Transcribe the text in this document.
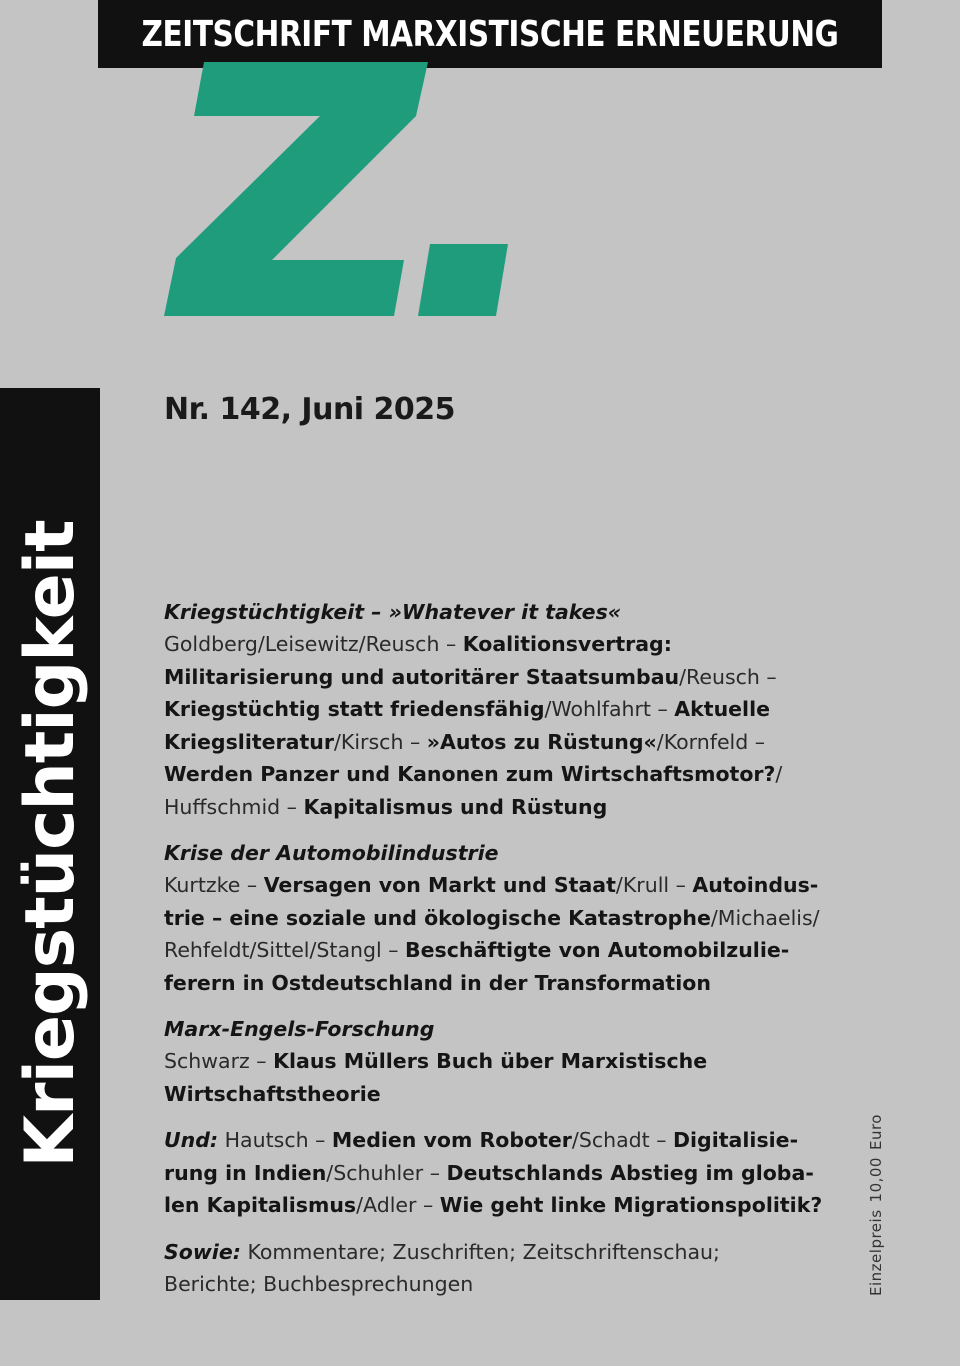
ZEITSCHRIFT MARXISTISCHE ERNEUERUNG
Nr. 142, Juni 2025
Kriegstüchtigkeit
Einzelpreis10,00Euro
Kriegstüchtigkeit – »Whatever it takes«
Goldberg/Leisewitz/Reusch – Koalitionsvertrag:
Militarisierung und autoritärer Staatsumbau/Reusch –
Kriegstüchtig statt friedensfähig/Wohlfahrt – Aktuelle
Kriegsliteratur/Kirsch – »Autos zu Rüstung«/Kornfeld –
Werden Panzer und Kanonen zum Wirtschaftsmotor?/
Huffschmid – Kapitalismus und Rüstung
Krise der Automobilindustrie
Kurtzke – Versagen von Markt und Staat/Krull – Autoindus-
trie – eine soziale und ökologische Katastrophe/Michaelis/
Rehfeldt/Sittel/Stangl – Beschäftigte von Automobilzulie-
ferern in Ostdeutschland in der Transformation
Marx-Engels-Forschung
Schwarz – Klaus Müllers Buch über Marxistische
Wirtschaftstheorie
Und: Hautsch – Medien vom Roboter/Schadt – Digitalisie-
rung in Indien/Schuhler – Deutschlands Abstieg im globa-
len Kapitalismus/Adler – Wie geht linke Migrationspolitik?
Sowie: Kommentare; Zuschriften; Zeitschriftenschau;
Berichte; Buchbesprechungen
